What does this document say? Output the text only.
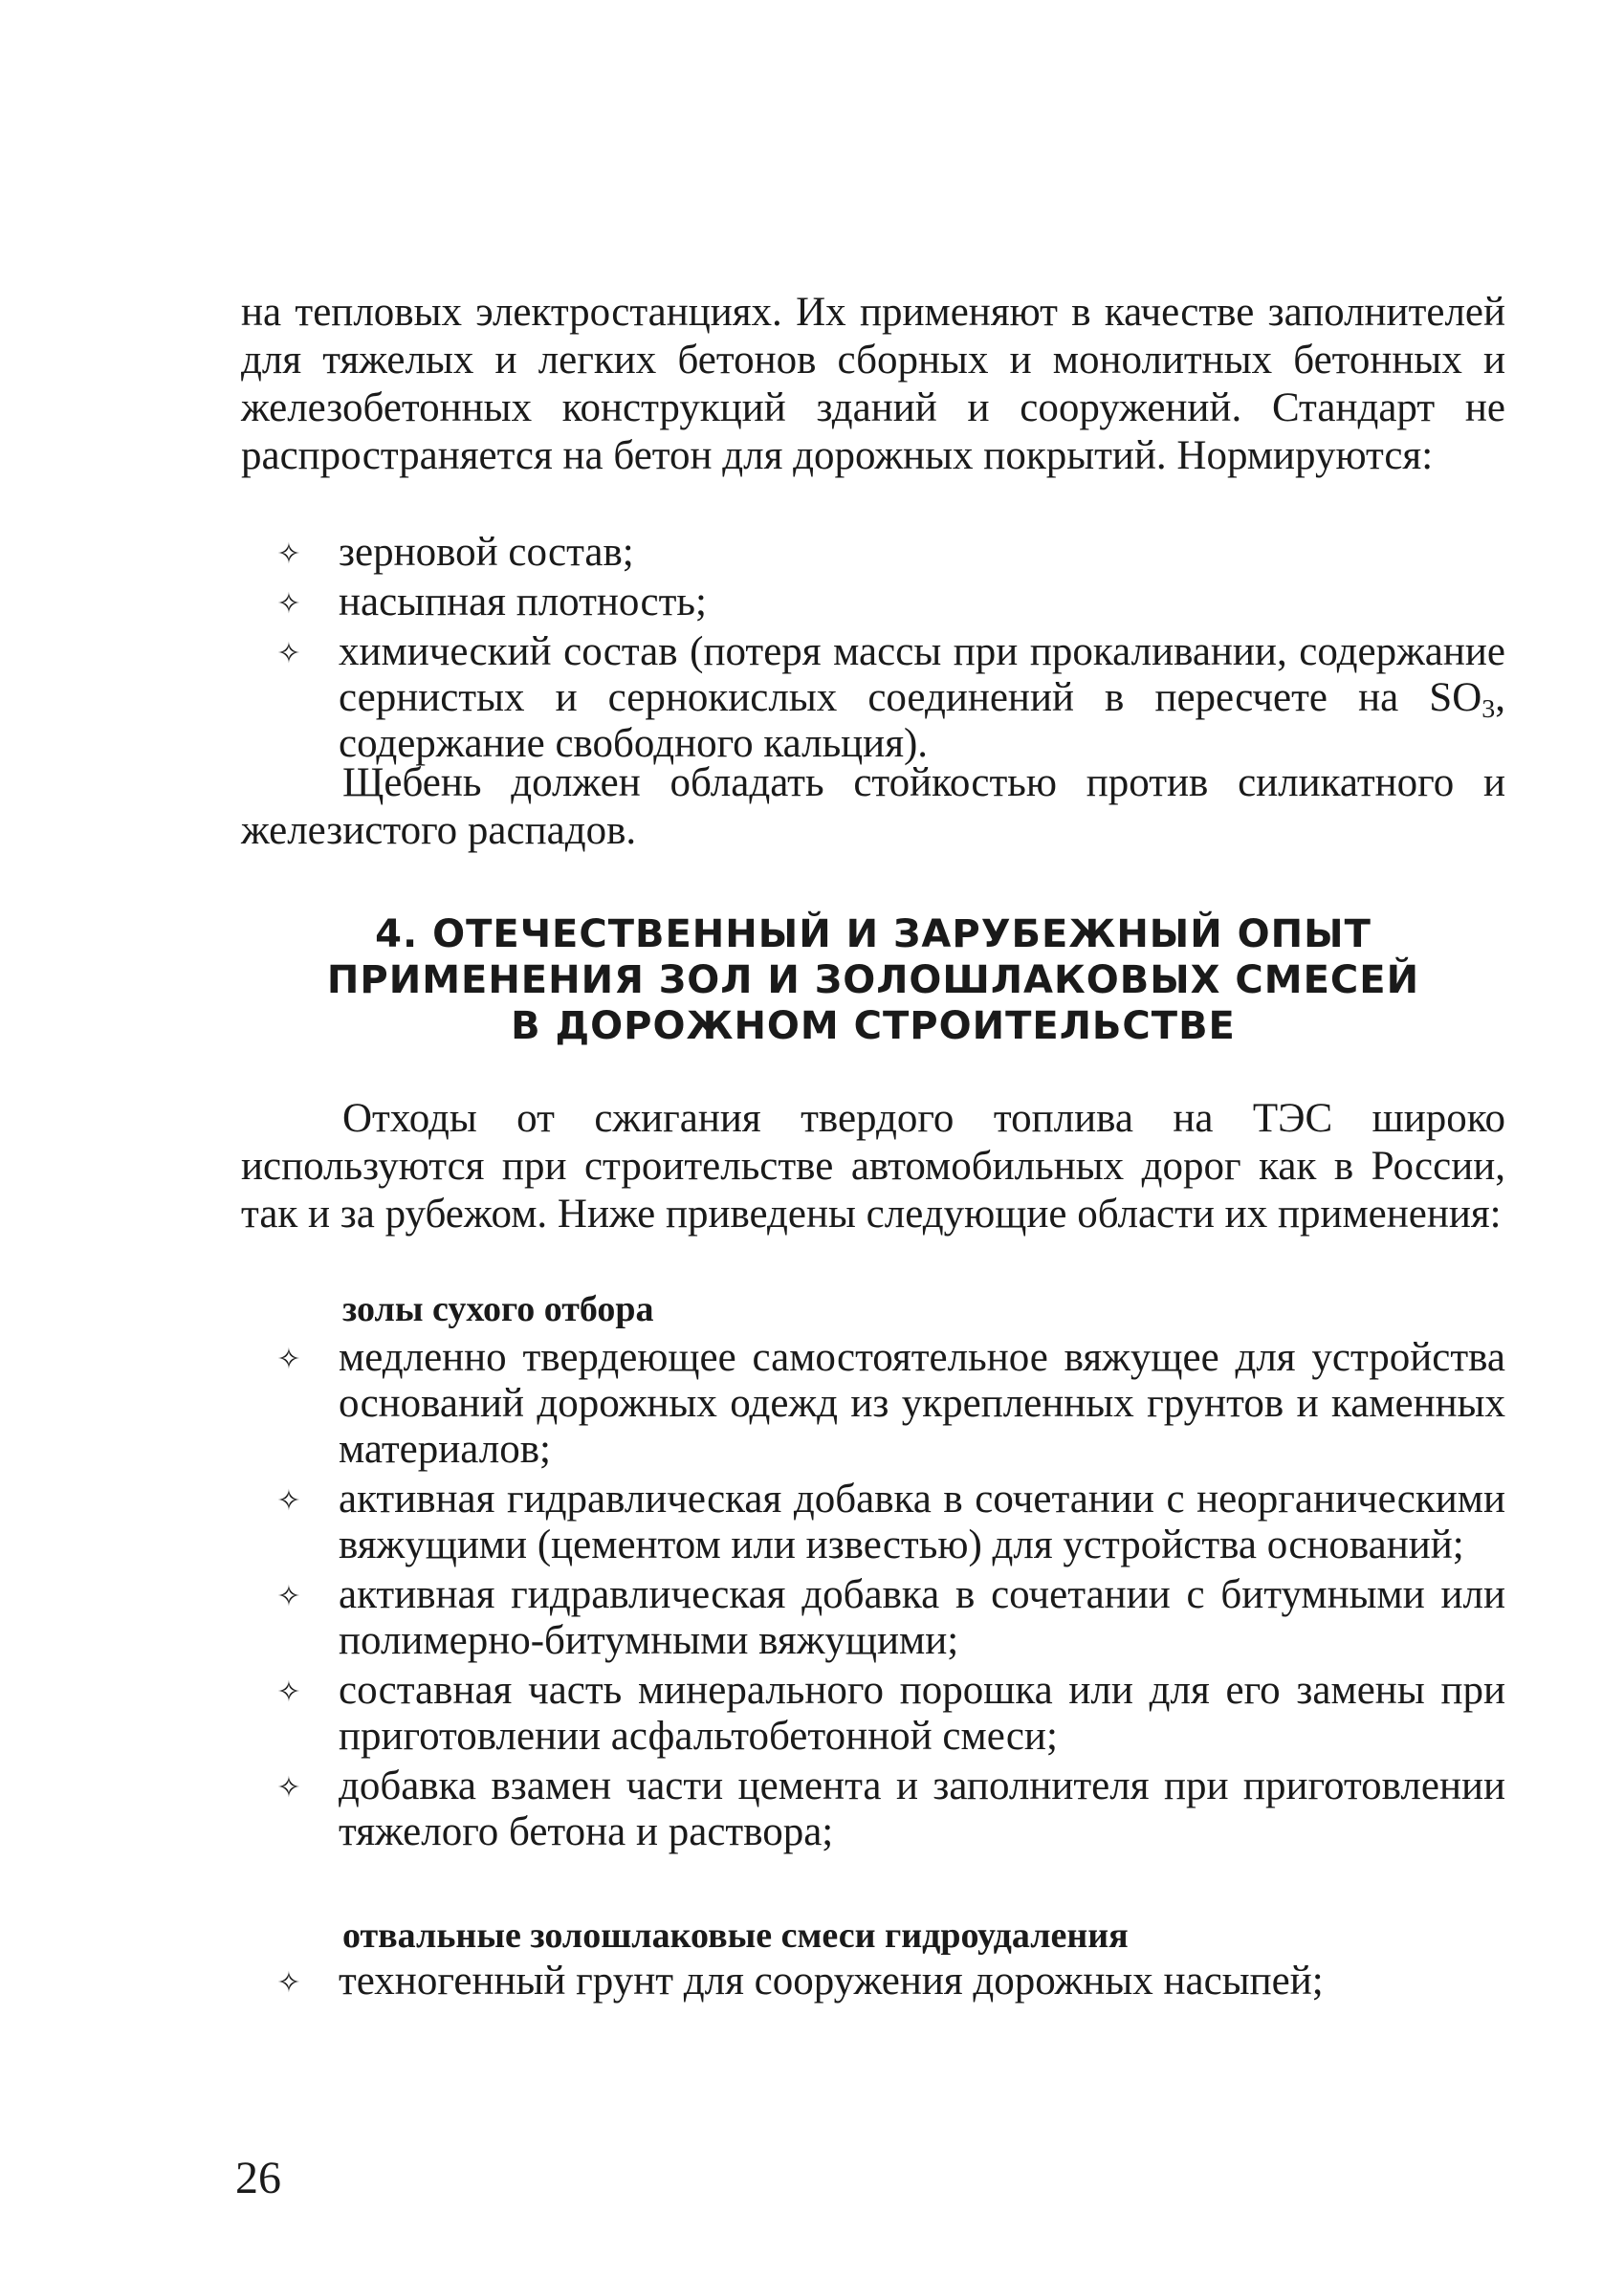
на тепловых электростанциях. Их применяют в качестве заполнителей для тяжелых и легких бетонов сборных и монолитных бетонных и железобетонных конструкций зданий и сооружений. Стандарт не распространяется на бетон для дорожных покрытий. Нормируются:
✧ зерновой состав;
✧ насыпная плотность;
✧ химический состав (потеря массы при прокаливании, содержание сернистых и сернокислых соединений в пересчете на $SO_3$, содержание свободного кальция).
Щебень должен обладать стойкостью против силикатного и железистого распадов.
4. ОТЕЧЕСТВЕННЫЙ И ЗАРУБЕЖНЫЙ ОПЫТ
ПРИМЕНЕНИЯ ЗОЛ И ЗОЛОШЛАКОВЫХ СМЕСЕЙ
В ДОРОЖНОМ СТРОИТЕЛЬСТВЕ
Отходы от сжигания твердого топлива на ТЭС широко используются при строительстве автомобильных дорог как в России, так и за рубежом. Ниже приведены следующие области их применения:
золы сухого отбора
✧ медленно твердеющее самостоятельное вяжущее для устройства оснований дорожных одежд из укрепленных грунтов и каменных материалов;
✧ активная гидравлическая добавка в сочетании с неорганическими вяжущими (цементом или известью) для устройства оснований;
✧ активная гидравлическая добавка в сочетании с битумными или полимерно-битумными вяжущими;
✧ составная часть минерального порошка или для его замены при приготовлении асфальтобетонной смеси;
✧ добавка взамен части цемента и заполнителя при приготовлении тяжелого бетона и раствора;
отвальные золошлаковые смеси гидроудаления
✧ техногенный грунт для сооружения дорожных насыпей;
26
